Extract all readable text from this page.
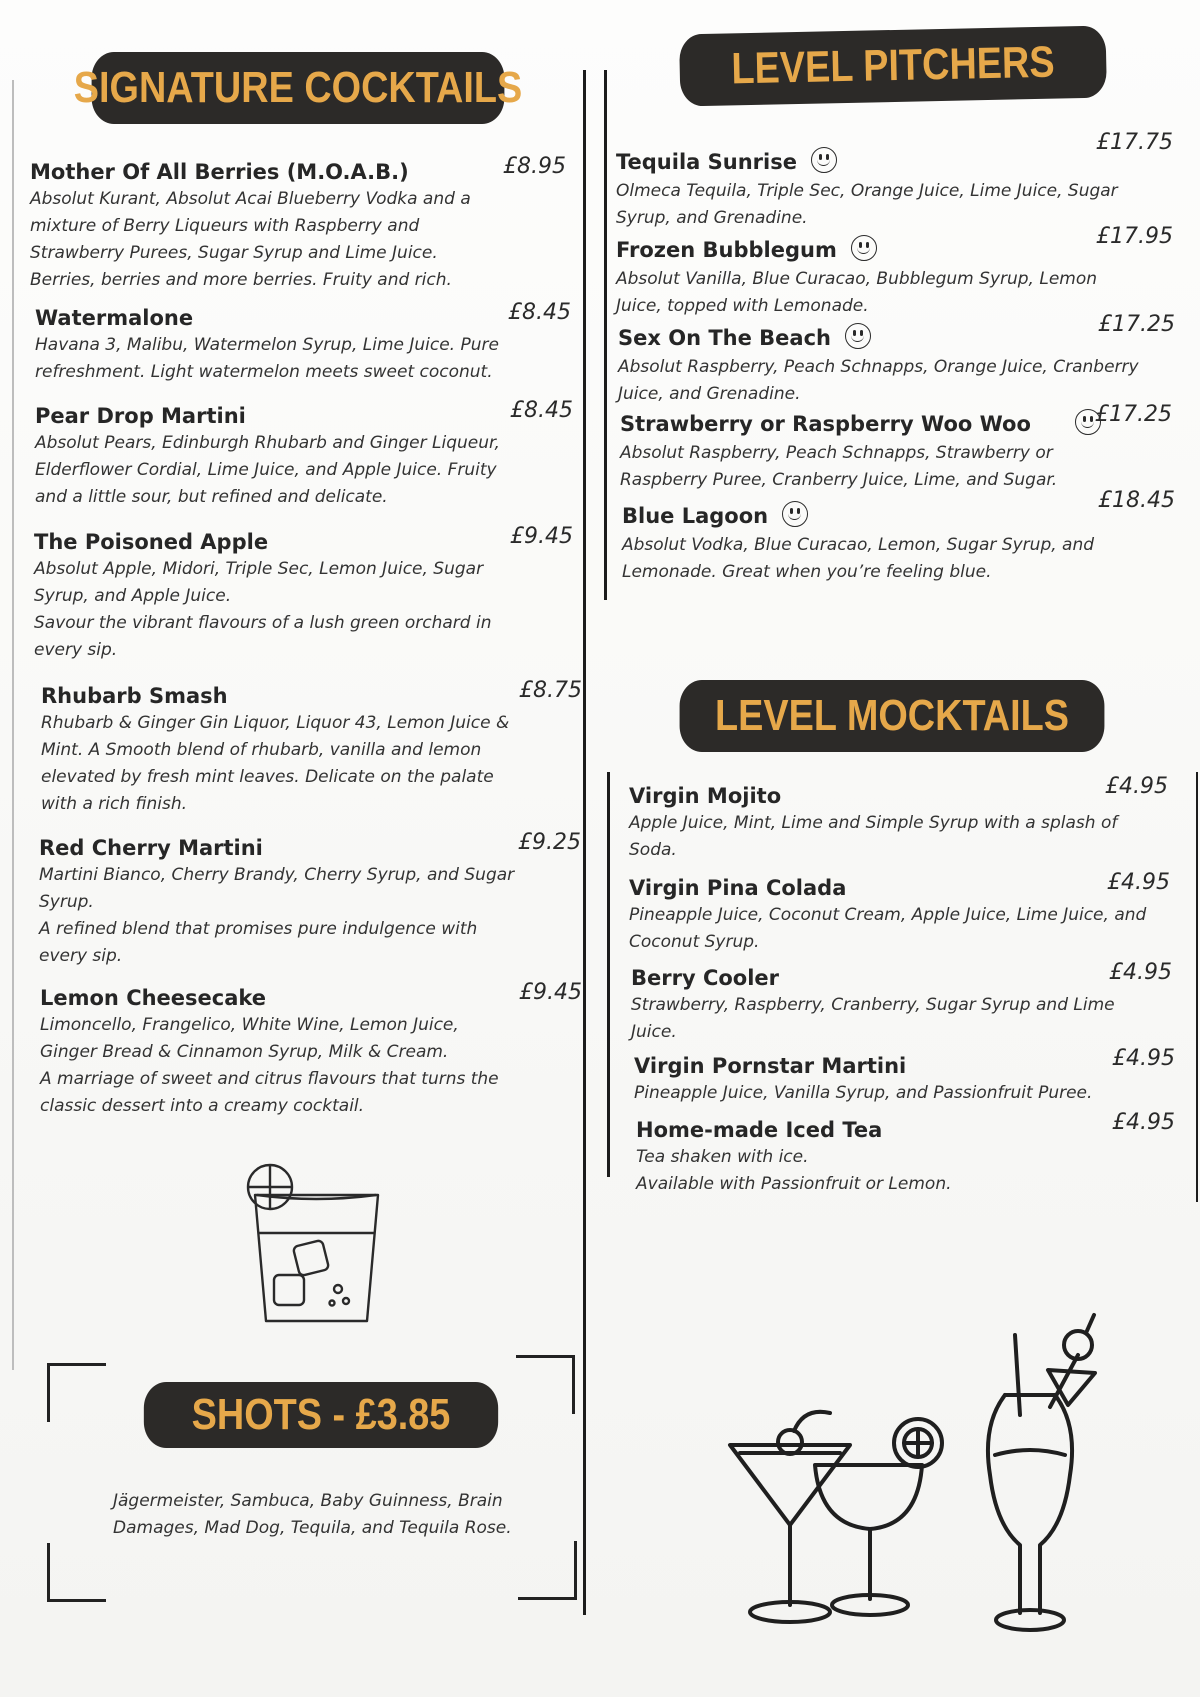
SIGNATURE COCKTAILS	LEVEL PITCHERS
LEVEL MOCKTAILS
SHOTS - £3.85
Mother Of All Berries (M.O.A.B.)	£8.95
Absolut Kurant, Absolut Acai Blueberry Vodka and a mixture of Berry Liqueurs with Raspberry and Strawberry Purees, Sugar Syrup and Lime Juice. Berries, berries and more berries. Fruity and rich.
Watermalone	£8.45
Havana 3, Malibu, Watermelon Syrup, Lime Juice. Pure refreshment. Light watermelon meets sweet coconut.
Pear Drop Martini	£8.45
Absolut Pears, Edinburgh Rhubarb and Ginger Liqueur, Elderflower Cordial, Lime Juice, and Apple Juice. Fruity and a little sour, but refined and delicate.
The Poisoned Apple	£9.45
Absolut Apple, Midori, Triple Sec, Lemon Juice, Sugar Syrup, and Apple Juice.
Savour the vibrant flavours of a lush green orchard in every sip.
Rhubarb Smash	£8.75
Rhubarb & Ginger Gin Liquor, Liquor 43, Lemon Juice & Mint. A Smooth blend of rhubarb, vanilla and lemon elevated by fresh mint leaves. Delicate on the palate with a rich finish.
Red Cherry Martini	£9.25
Martini Bianco, Cherry Brandy, Cherry Syrup, and Sugar Syrup.
A refined blend that promises pure indulgence with every sip.
Lemon Cheesecake	£9.45
Limoncello, Frangelico, White Wine, Lemon Juice, Ginger Bread & Cinnamon Syrup, Milk & Cream.
A marriage of sweet and citrus flavours that turns the classic dessert into a creamy cocktail.
Jägermeister, Sambuca, Baby Guinness, Brain Damages, Mad Dog, Tequila, and Tequila Rose.
Tequila Sunrise
£17.75
Olmeca Tequila, Triple Sec, Orange Juice, Lime Juice, Sugar Syrup, and Grenadine.
Frozen Bubblegum
£17.95
Absolut Vanilla, Blue Curacao, Bubblegum Syrup, Lemon Juice, topped with Lemonade.
Sex On The Beach
£17.25
Absolut Raspberry, Peach Schnapps, Orange Juice, Cranberry Juice, and Grenadine.
Strawberry or Raspberry Woo Woo	£17.25
Absolut Raspberry, Peach Schnapps, Strawberry or Raspberry Puree, Cranberry Juice, Lime, and Sugar.
Blue Lagoon
£18.45
Absolut Vodka, Blue Curacao, Lemon, Sugar Syrup, and Lemonade. Great when you’re feeling blue.
Virgin Mojito	£4.95
Apple Juice, Mint, Lime and Simple Syrup with a splash of Soda.
Virgin Pina Colada	£4.95
Pineapple Juice, Coconut Cream, Apple Juice, Lime Juice, and Coconut Syrup.
Berry Cooler	£4.95
Strawberry, Raspberry, Cranberry, Sugar Syrup and Lime Juice.
Virgin Pornstar Martini	£4.95
Pineapple Juice, Vanilla Syrup, and Passionfruit Puree.
Home-made Iced Tea	£4.95
Tea shaken with ice.
Available with Passionfruit or Lemon.
